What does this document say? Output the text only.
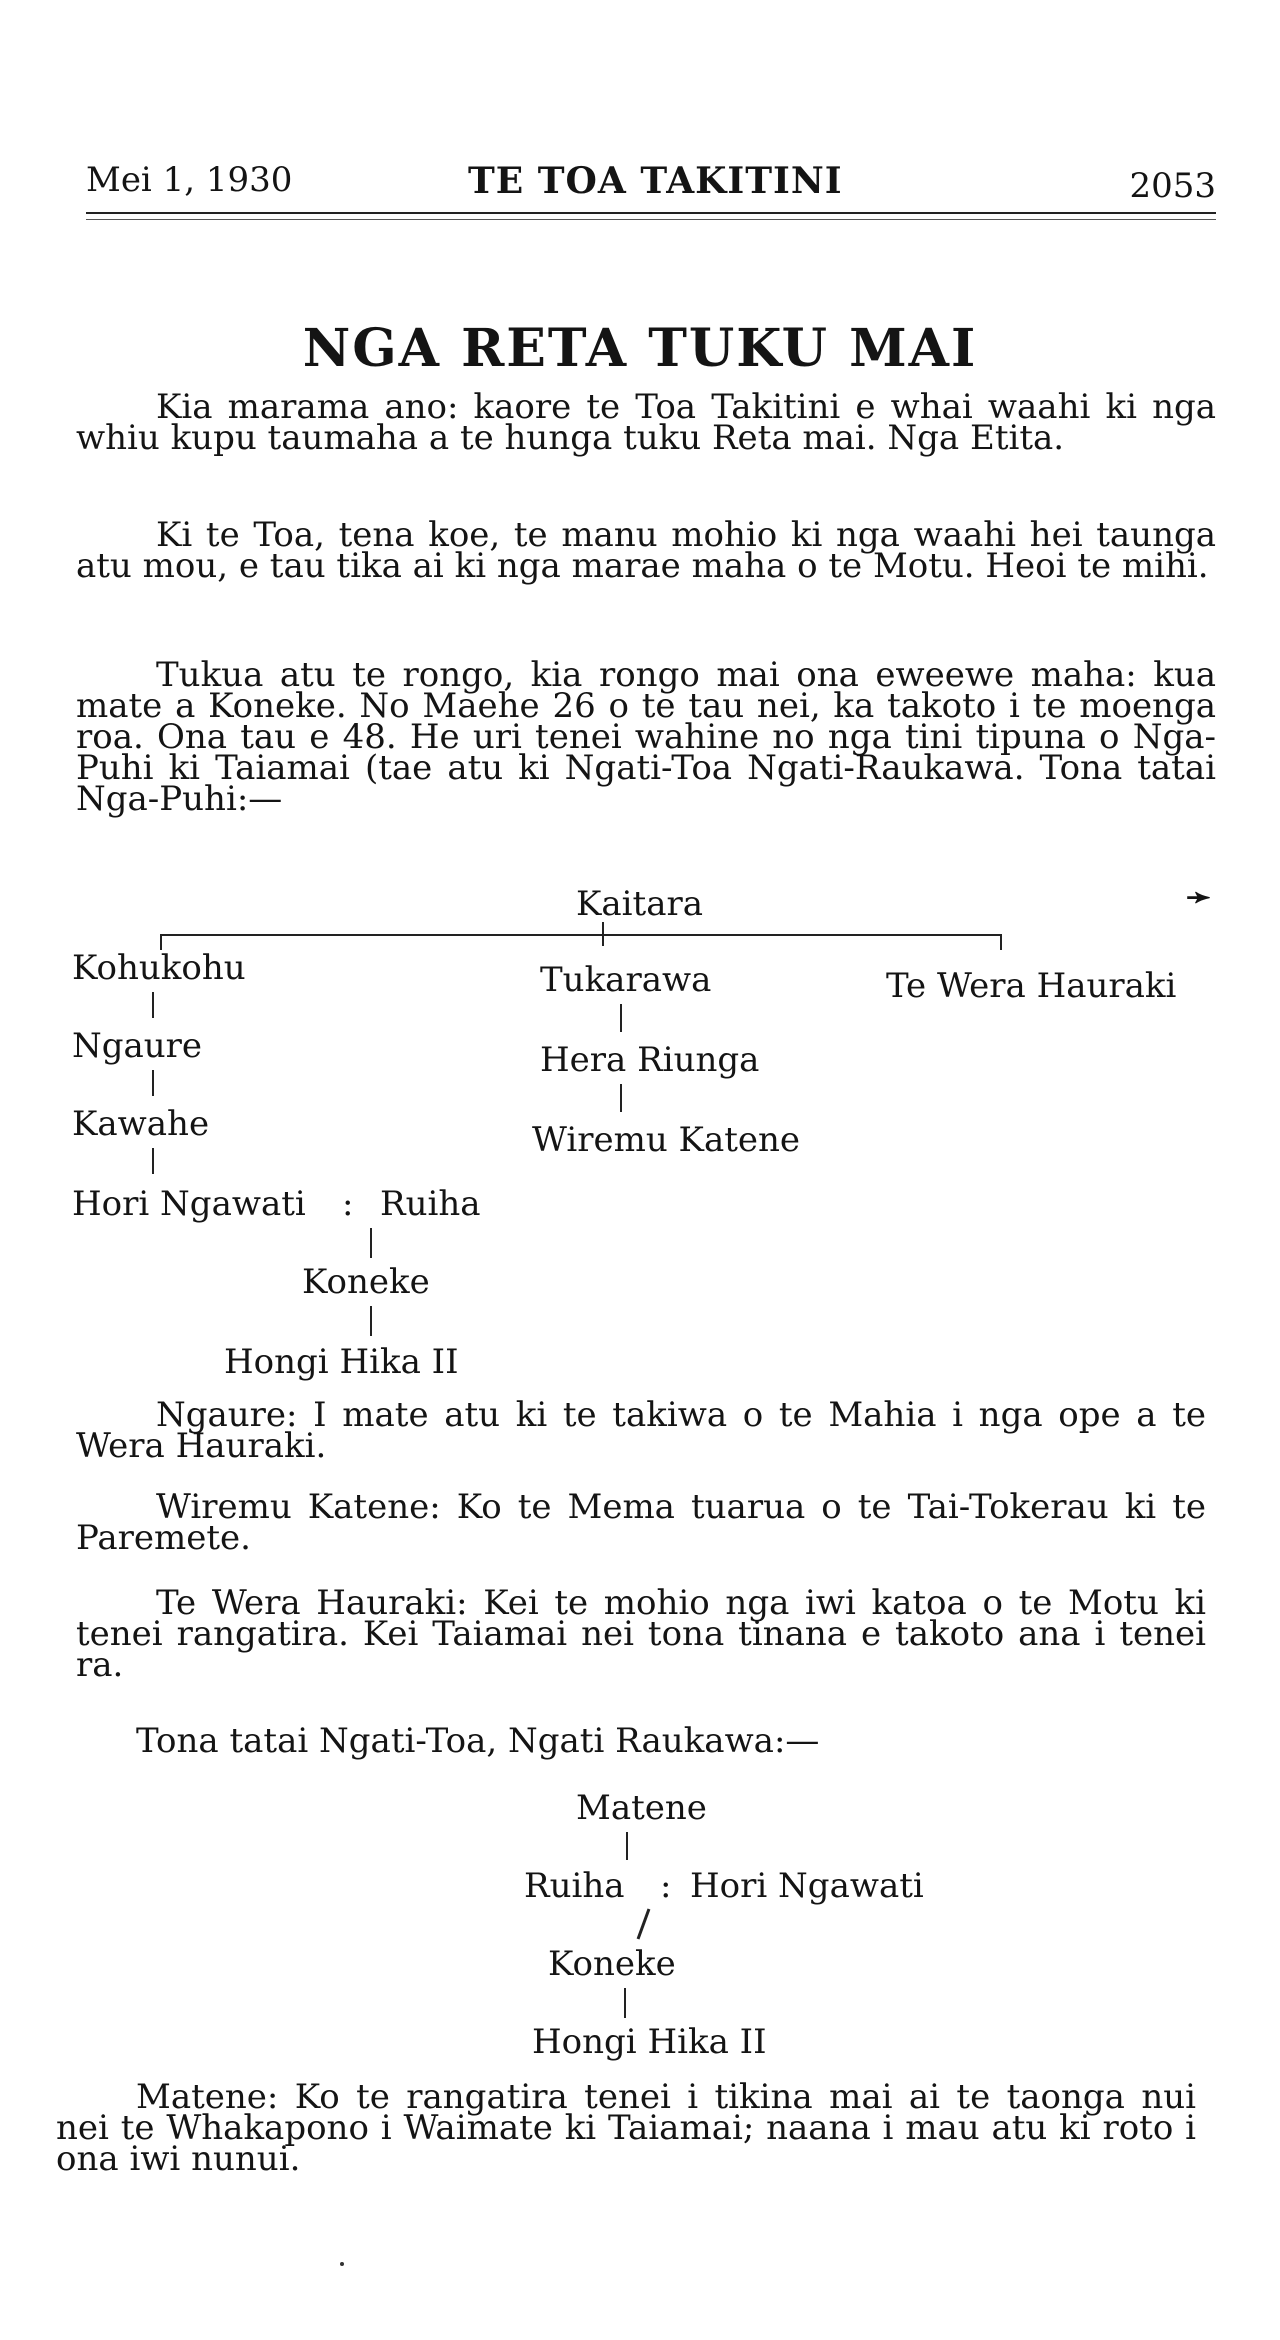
Mei 1, 1930	TE TOA TAKITINI	2053
NGA RETA TUKU MAI

Kia marama ano: kaore te Toa Takitini e whai waahi ki nga whiu kupu taumaha a te hunga tuku Reta mai. Nga Etita.

Ki te Toa, tena koe, te manu mohio ki nga waahi hei taunga atu mou, e tau tika ai ki nga marae maha o te Motu. Heoi te mihi.

Tukua atu te rongo, kia rongo mai ona eweewe maha: kua mate a Koneke. No Maehe 26 o te tau nei, ka takoto i te moenga roa. Ona tau e 48. He uri tenei wahine no nga tini tipuna o Nga-Puhi ki Taiamai (tae atu ki Ngati-Toa Ngati-Raukawa. Tona tatai Nga-Puhi:—

Kaitara	➛
Kohukohu
Ngaure
Kawahe
Hori Ngawati : Ruiha
Koneke
Hongi Hika II
Tukarawa
Hera Riunga
Wiremu Katene
Te Wera Hauraki

Ngaure: I mate atu ki te takiwa o te Mahia i nga ope a te Wera Hauraki.

Wiremu Katene: Ko te Mema tuarua o te Tai-Tokerau ki te Paremete.

Te Wera Hauraki: Kei te mohio nga iwi katoa o te Motu ki tenei rangatira. Kei Taiamai nei tona tinana e takoto ana i tenei ra.

Tona tatai Ngati-Toa, Ngati Raukawa:—

Matene
Ruiha : Hori Ngawati
Koneke
Hongi Hika II

Matene: Ko te rangatira tenei i tikina mai ai te taonga nui nei te Whakapono i Waimate ki Taiamai; naana i mau atu ki roto i ona iwi nunui.
